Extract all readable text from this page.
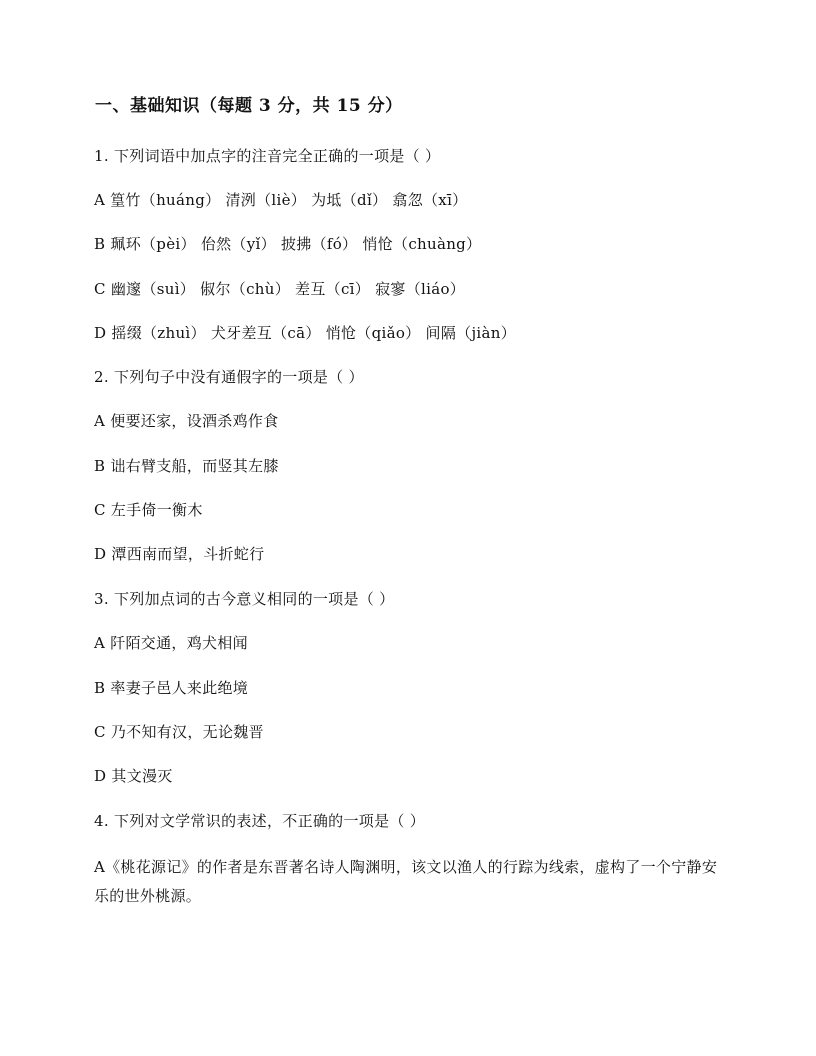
一、基础知识（每题 3 分，共 15 分）
1. 下列词语中加点字的注音完全正确的一项是（ ）
A 篁竹（huáng） 清洌（liè） 为坻（dǐ） 翕忽（xī）
B 珮环（pèi） 佁然（yǐ） 披拂（fó） 悄怆（chuàng）
C 幽邃（suì） 俶尔（chù） 差互（cī） 寂寥（liáo）
D 摇缀（zhuì） 犬牙差互（cā） 悄怆（qiǎo） 间隔（jiàn）
2. 下列句子中没有通假字的一项是（ ）
A 便要还家，设酒杀鸡作食
B 诎右臂支船，而竖其左膝
C 左手倚一衡木
D 潭西南而望，斗折蛇行
3. 下列加点词的古今意义相同的一项是（ ）
A 阡陌交通，鸡犬相闻
B 率妻子邑人来此绝境
C 乃不知有汉，无论魏晋
D 其文漫灭
4. 下列对文学常识的表述，不正确的一项是（ ）
A《桃花源记》的作者是东晋著名诗人陶渊明，该文以渔人的行踪为线索，虚构了一个宁静安乐的世外桃源。
